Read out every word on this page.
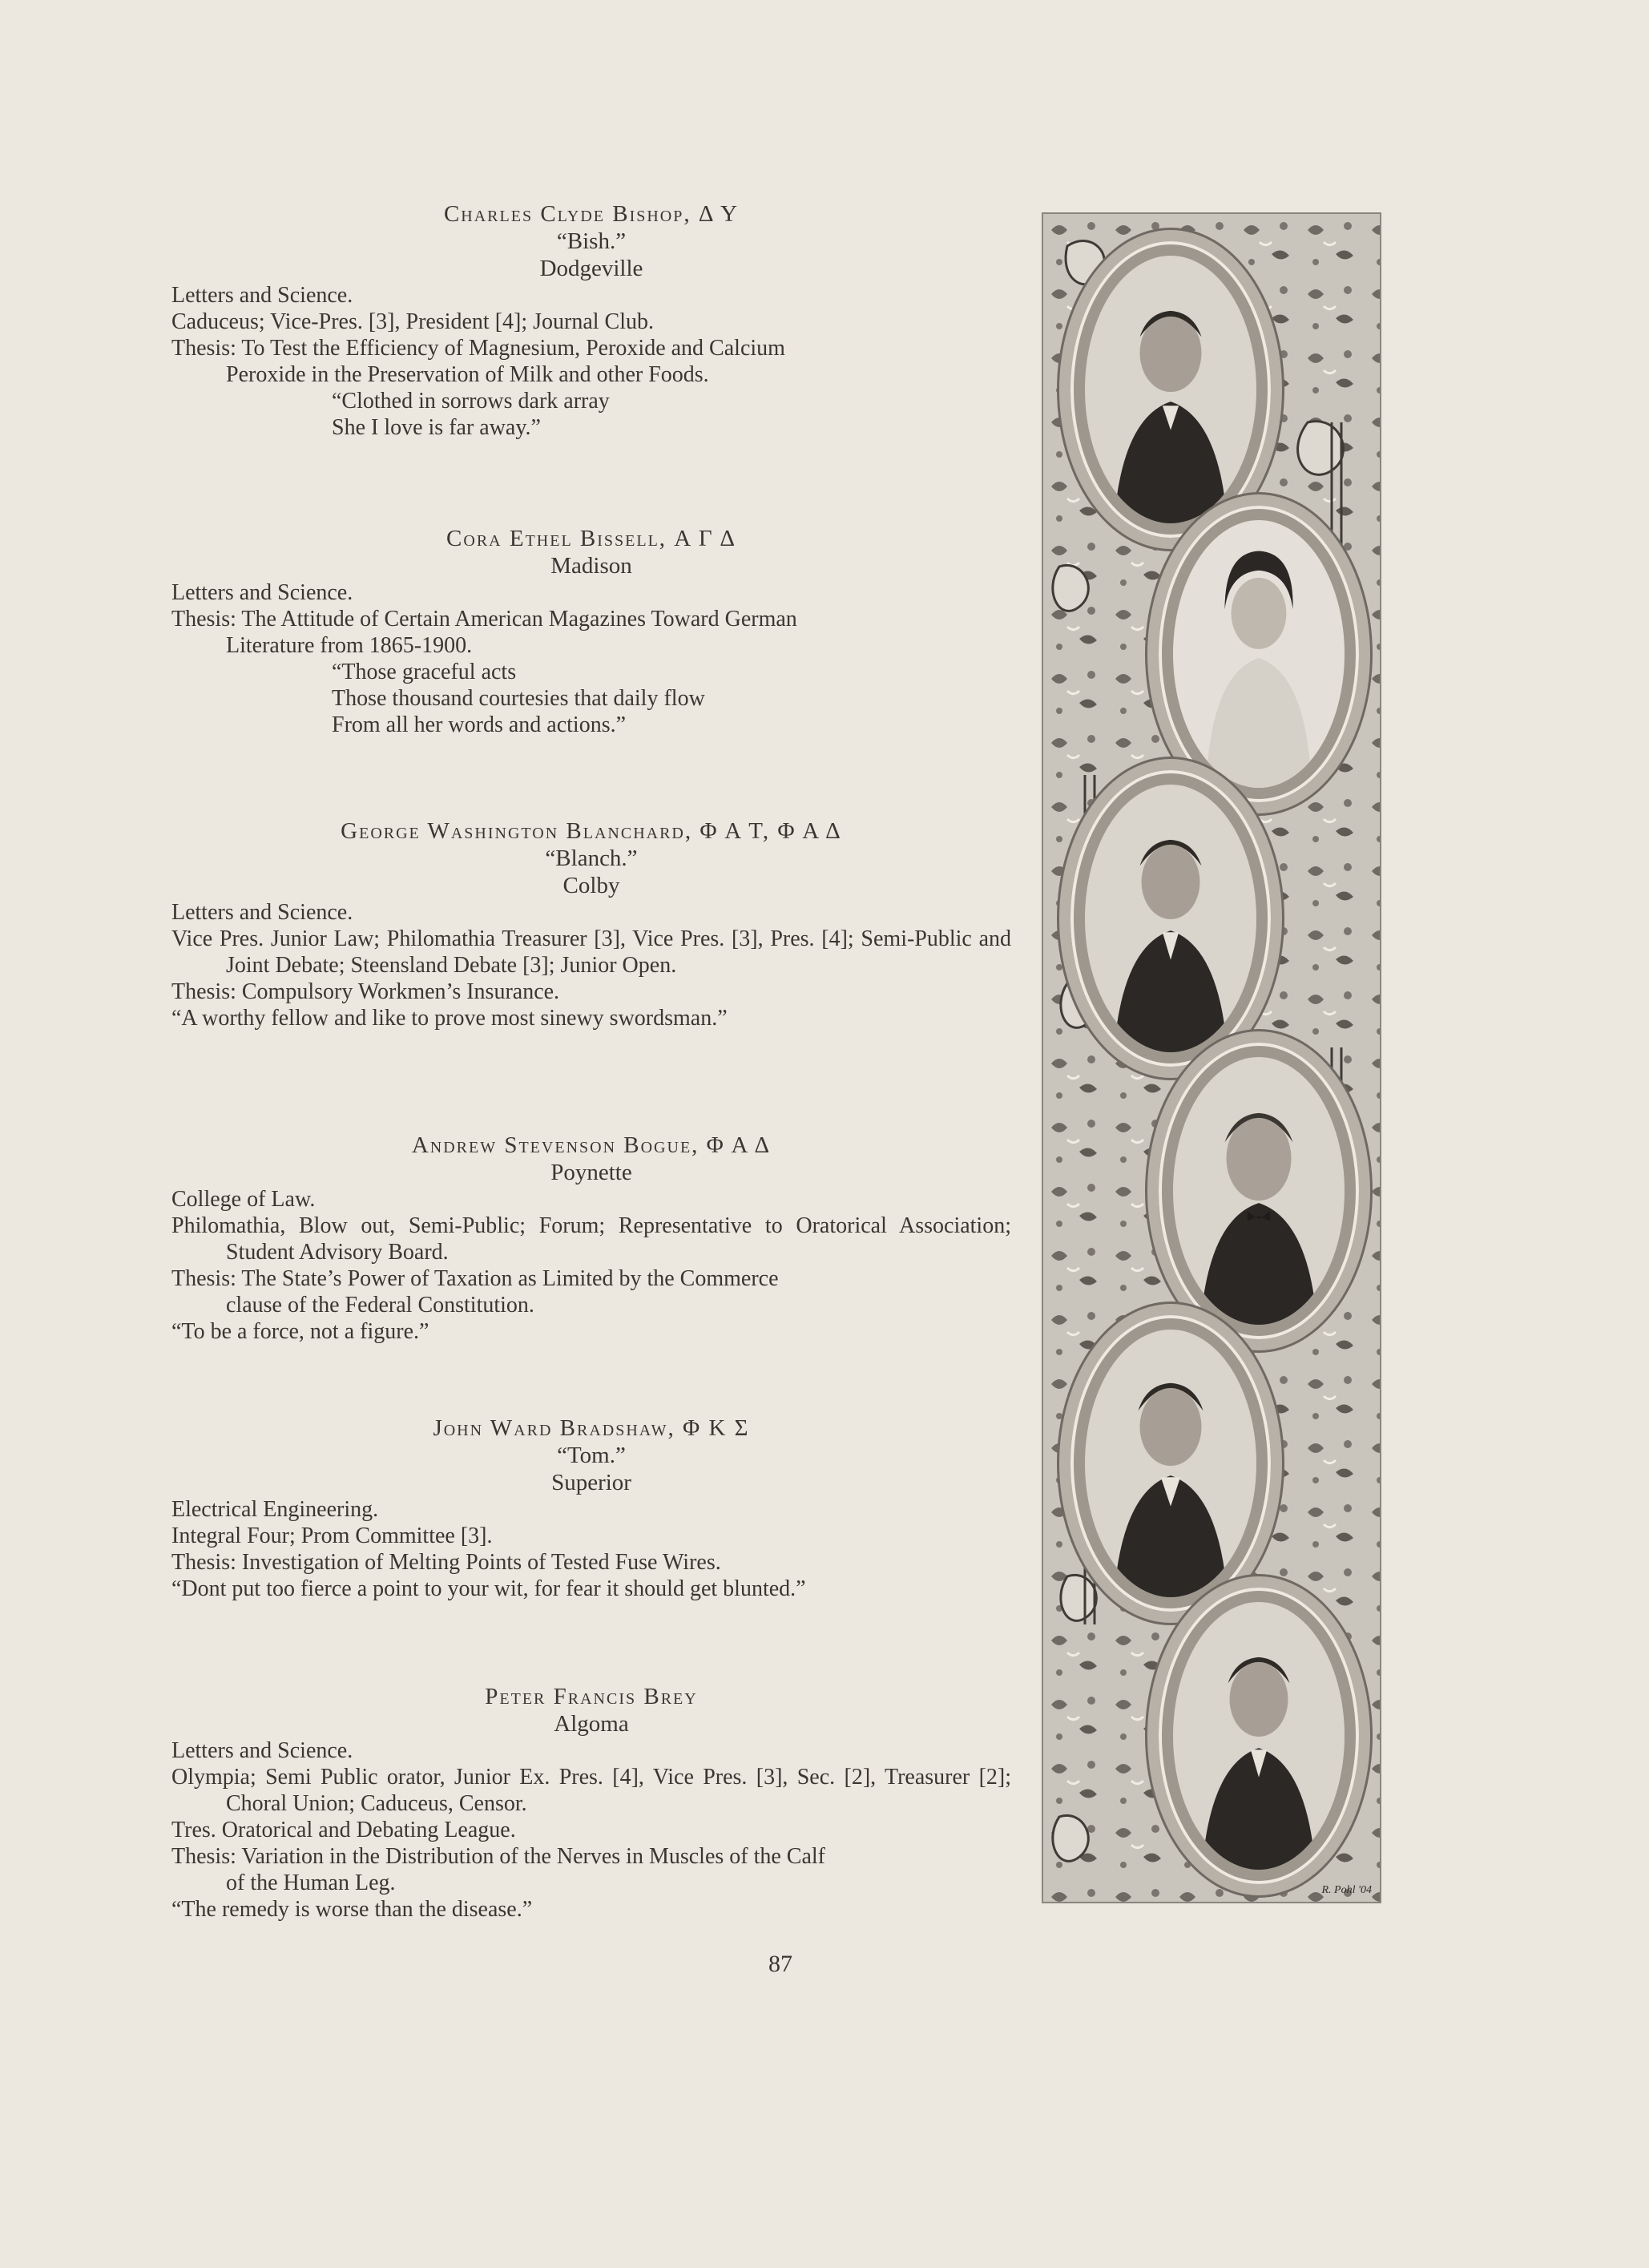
Charles Clyde Bishop, Δ Υ
“Bish.”
Dodgeville
Letters and Science.
Caduceus; Vice-Pres. [3], President [4]; Journal Club.
Thesis: To Test the Efficiency of Magnesium, Peroxide and Calcium
Peroxide in the Preservation of Milk and other Foods.
“Clothed in sorrows dark array
She I love is far away.”
Cora Ethel Bissell, Α Γ Δ
Madison
Letters and Science.
Thesis: The Attitude of Certain American Magazines Toward German
Literature from 1865-1900.
“Those graceful acts
Those thousand courtesies that daily flow
From all her words and actions.”
George Washington Blanchard, Φ Α Τ, Φ Α Δ
“Blanch.”
Colby
Letters and Science.
Vice Pres. Junior Law; Philomathia Treasurer [3], Vice Pres. [3], Pres. [4]; Semi-Public and Joint Debate; Steensland Debate [3]; Junior Open.
Thesis: Compulsory Workmen’s Insurance.
“A worthy fellow and like to prove most sinewy swordsman.”
Andrew Stevenson Bogue, Φ Α Δ
Poynette
College of Law.
Philomathia, Blow out, Semi-Public; Forum; Representative to Oratorical Association; Student Advisory Board.
Thesis: The State’s Power of Taxation as Limited by the Commerce
clause of the Federal Constitution.
“To be a force, not a figure.”
John Ward Bradshaw, Φ Κ Σ
“Tom.”
Superior
Electrical Engineering.
Integral Four; Prom Committee [3].
Thesis: Investigation of Melting Points of Tested Fuse Wires.
“Dont put too fierce a point to your wit, for fear it should get blunted.”
Peter Francis Brey
Algoma
Letters and Science.
Olympia; Semi Public orator, Junior Ex. Pres. [4], Vice Pres. [3], Sec. [2], Treasurer [2]; Choral Union; Caduceus, Censor.
Tres. Oratorical and Debating League.
Thesis: Variation in the Distribution of the Nerves in Muscles of the Calf
of the Human Leg.
“The remedy is worse than the disease.”
R. Pohl '04
87
